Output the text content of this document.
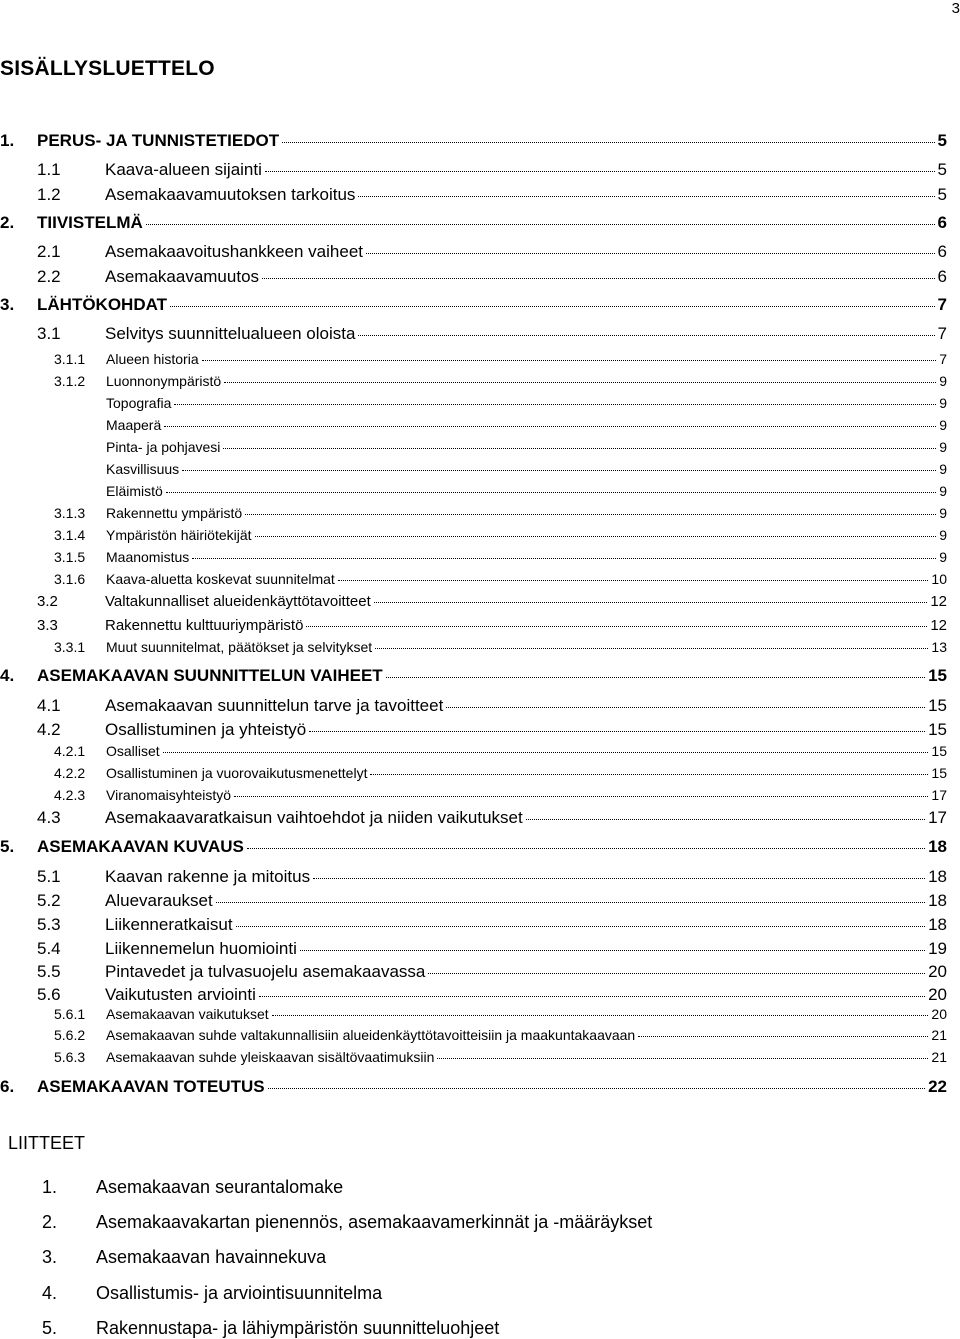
3
SISÄLLYSLUETTELO
1.	PERUS- JA TUNNISTETIEDOT	5
1.1	Kaava-alueen sijainti	5
1.2	Asemakaavamuutoksen tarkoitus	5
2.	TIIVISTELMÄ	6
2.1	Asemakaavoitushankkeen vaiheet	6
2.2	Asemakaavamuutos	6
3.	LÄHTÖKOHDAT	7
3.1	Selvitys suunnittelualueen oloista	7
3.1.1	Alueen historia	7
3.1.2	Luonnonympäristö	9
Topografia	9
Maaperä	9
Pinta- ja pohjavesi	9
Kasvillisuus	9
Eläimistö	9
3.1.3	Rakennettu ympäristö	9
3.1.4	Ympäristön häiriötekijät	9
3.1.5	Maanomistus	9
3.1.6	Kaava-aluetta koskevat suunnitelmat	10
3.2	Valtakunnalliset alueidenkäyttötavoitteet	12
3.3	Rakennettu kulttuuriympäristö	12
3.3.1	Muut suunnitelmat, päätökset ja selvitykset	13
4.	ASEMAKAAVAN SUUNNITTELUN VAIHEET	15
4.1	Asemakaavan suunnittelun tarve ja tavoitteet	15
4.2	Osallistuminen ja yhteistyö	15
4.2.1	Osalliset	15
4.2.2	Osallistuminen ja vuorovaikutusmenettelyt	15
4.2.3	Viranomaisyhteistyö	17
4.3	Asemakaavaratkaisun vaihtoehdot ja niiden vaikutukset	17
5.	ASEMAKAAVAN KUVAUS	18
5.1	Kaavan rakenne ja mitoitus	18
5.2	Aluevaraukset	18
5.3	Liikenneratkaisut	18
5.4	Liikennemelun huomiointi	19
5.5	Pintavedet ja tulvasuojelu asemakaavassa	20
5.6	Vaikutusten arviointi	20
5.6.1	Asemakaavan vaikutukset	20
5.6.2	Asemakaavan suhde valtakunnallisiin alueidenkäyttötavoitteisiin ja maakuntakaavaan	21
5.6.3	Asemakaavan suhde yleiskaavan sisältövaatimuksiin	21
6.	ASEMAKAAVAN TOTEUTUS	22
LIITTEET
1. Asemakaavan seurantalomake
2. Asemakaavakartan pienennös, asemakaavamerkinnät ja -määräykset
3. Asemakaavan havainnekuva
4. Osallistumis- ja arviointisuunnitelma
5. Rakennustapa- ja lähiympäristön suunnitteluohjeet
